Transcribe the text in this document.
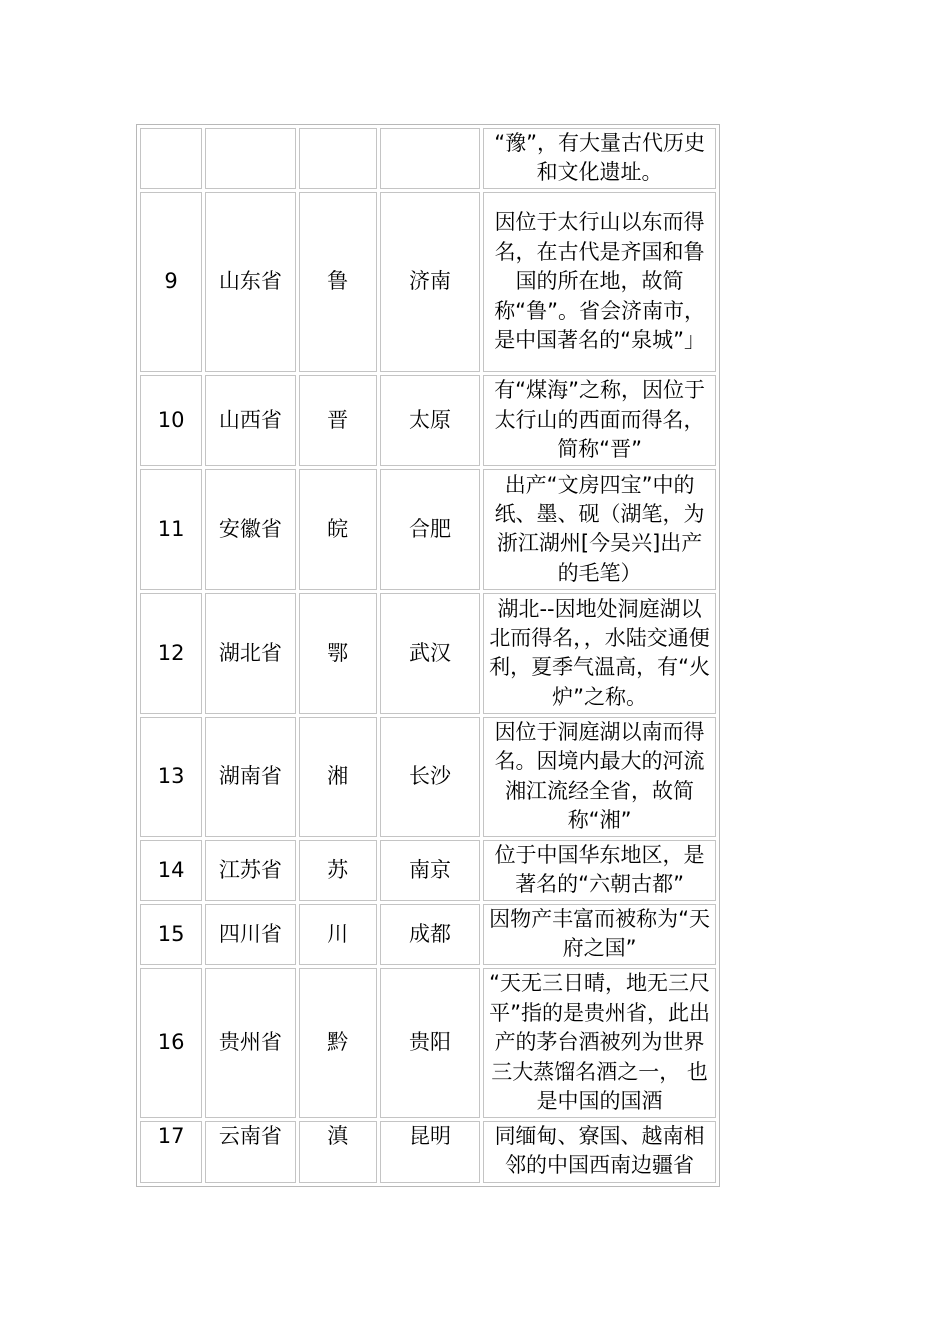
				“豫”，有大量古代历史和文化遗址。
9	山东省	鲁	济南	因位于太行山以东而得名，在古代是齐国和鲁国的所在地，故简称“鲁”。省会济南市，是中国著名的“泉城”」
10	山西省	晋	太原	有“煤海”之称，因位于太行山的西面而得名，简称“晋”
11	安徽省	皖	合肥	出产“文房四宝”中的纸、墨、砚（湖笔，为浙江湖州[今吴兴]出产的毛笔）
12	湖北省	鄂	武汉	湖北--因地处洞庭湖以北而得名，，水陆交通便利，夏季气温高，有“火炉”之称。
13	湖南省	湘	长沙	因位于洞庭湖以南而得名。因境内最大的河流湘江流经全省，故简称“湘”
14	江苏省	苏	南京	位于中国华东地区，是著名的“六朝古都”
15	四川省	川	成都	因物产丰富而被称为“天府之国”
16	贵州省	黔	贵阳	“天无三日晴，地无三尺平”指的是贵州省，此出产的茅台酒被列为世界三大蒸馏名酒之一， 也是中国的国酒
17	云南省	滇	昆明	同缅甸、寮国、越南相邻的中国西南边疆省
